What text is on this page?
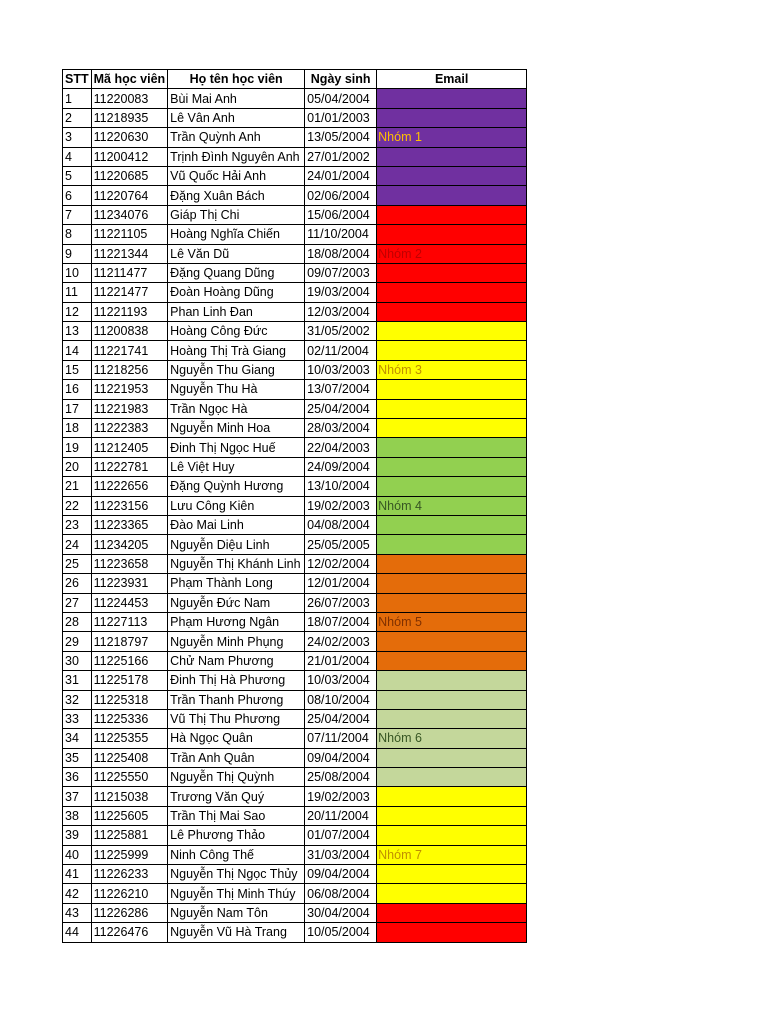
STT	Mã học viên	Họ tên học viên	Ngày sinh	Email
1	11220083	Bùi Mai Anh	05/04/2004	
2	11218935	Lê Vân Anh	01/01/2003	
3	11220630	Trần Quỳnh Anh	13/05/2004	Nhóm 1

4	11200412	Trịnh Đình Nguyên Anh	27/01/2002	
5	11220685	Vũ Quốc Hải Anh	24/01/2004	
6	11220764	Đặng Xuân Bách	02/06/2004	
7	11234076	Giáp Thị Chi	15/06/2004	
8	11221105	Hoàng Nghĩa Chiến	11/10/2004	
9	11221344	Lê Văn Dũ	18/08/2004	Nhóm 2

10	11211477	Đặng Quang Dũng	09/07/2003	
11	11221477	Đoàn Hoàng Dũng	19/03/2004	
12	11221193	Phan Linh Đan	12/03/2004	
13	11200838	Hoàng Công Đức	31/05/2002	
14	11221741	Hoàng Thị Trà Giang	02/11/2004	
15	11218256	Nguyễn Thu Giang	10/03/2003	Nhóm 3

16	11221953	Nguyễn Thu Hà	13/07/2004	
17	11221983	Trần Ngọc Hà	25/04/2004	
18	11222383	Nguyễn Minh Hoa	28/03/2004	
19	11212405	Đinh Thị Ngọc Huế	22/04/2003	
20	11222781	Lê Việt Huy	24/09/2004	
21	11222656	Đặng Quỳnh Hương	13/10/2004	
22	11223156	Lưu Công Kiên	19/02/2003	Nhóm 4

23	11223365	Đào Mai Linh	04/08/2004	
24	11234205	Nguyễn Diệu Linh	25/05/2005	
25	11223658	Nguyễn Thị Khánh Linh	12/02/2004	
26	11223931	Phạm Thành Long	12/01/2004	
27	11224453	Nguyễn Đức Nam	26/07/2003	
28	11227113	Phạm Hương Ngân	18/07/2004	Nhóm 5

29	11218797	Nguyễn Minh Phụng	24/02/2003	
30	11225166	Chử Nam Phương	21/01/2004	
31	11225178	Đinh Thị Hà Phương	10/03/2004	
32	11225318	Trần Thanh Phương	08/10/2004	
33	11225336	Vũ Thị Thu Phương	25/04/2004	
34	11225355	Hà Ngọc Quân	07/11/2004	Nhóm 6

35	11225408	Trần Anh Quân	09/04/2004	
36	11225550	Nguyễn Thị Quỳnh	25/08/2004	
37	11215038	Trương Văn Quý	19/02/2003	
38	11225605	Trần Thị Mai Sao	20/11/2004	
39	11225881	Lê Phương Thảo	01/07/2004	
40	11225999	Ninh Công Thế	31/03/2004	Nhóm 7

41	11226233	Nguyễn Thị Ngọc Thủy	09/04/2004	
42	11226210	Nguyễn Thị Minh Thúy	06/08/2004	
43	11226286	Nguyễn Nam Tôn	30/04/2004	
44	11226476	Nguyễn Vũ Hà Trang	10/05/2004	
